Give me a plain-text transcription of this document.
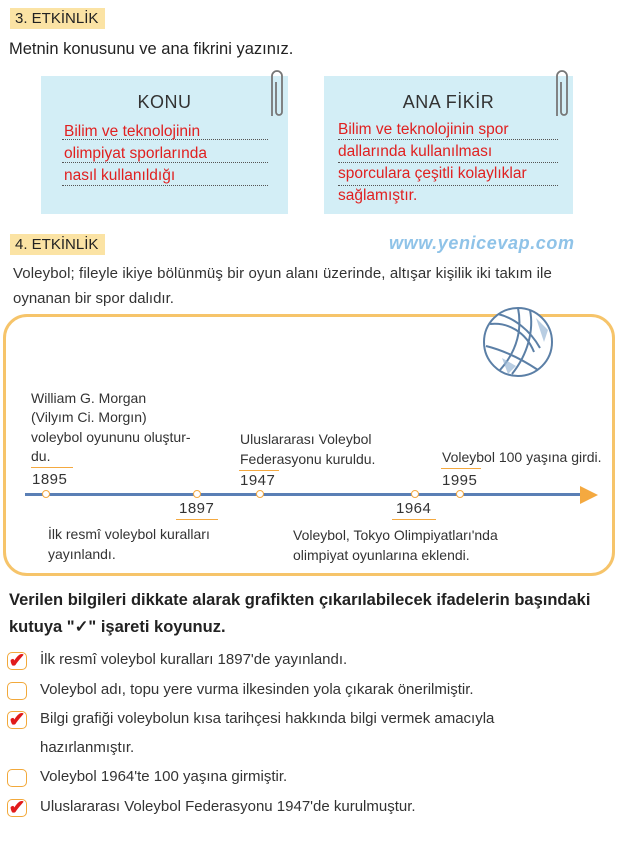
3. ETKİNLİK
Metnin konusunu ve ana fikrini yazınız.
KONU
Bilim ve teknolojinin
olimpiyat sporlarında
nasıl kullanıldığı
ANA FİKİR
Bilim ve teknolojinin spor
dallarında kullanılması
sporculara çeşitli kolaylıklar
sağlamıştır.
4. ETKİNLİK	www.yenicevap.com
Voleybol; fileyle ikiye bölünmüş bir oyun alanı üzerinde, altışar kişilik iki takım ile
oynanan bir spor dalıdır.
William G. Morgan
(Vilyım Ci. Morgın)
voleybol oyununu oluştur-
du.
1895
1897
İlk resmî voleybol kuralları
yayınlandı.
Uluslararası Voleybol
Federasyonu kuruldu.
1947
1964
Voleybol, Tokyo Olimpiyatları'nda
olimpiyat oyunlarına eklendi.
Voleybol 100 yaşına girdi.
1995
Verilen bilgileri dikkate alarak grafikten çıkarılabilecek ifadelerin başındaki
kutuya "✓" işareti koyunuz.
✔ İlk resmî voleybol kuralları 1897'de yayınlandı.
Voleybol adı, topu yere vurma ilkesinden yola çıkarak önerilmiştir.
✔ Bilgi grafiği voleybolun kısa tarihçesi hakkında bilgi vermek amacıyla
hazırlanmıştır.
Voleybol 1964'te 100 yaşına girmiştir.
✔ Uluslararası Voleybol Federasyonu 1947'de kurulmuştur.
